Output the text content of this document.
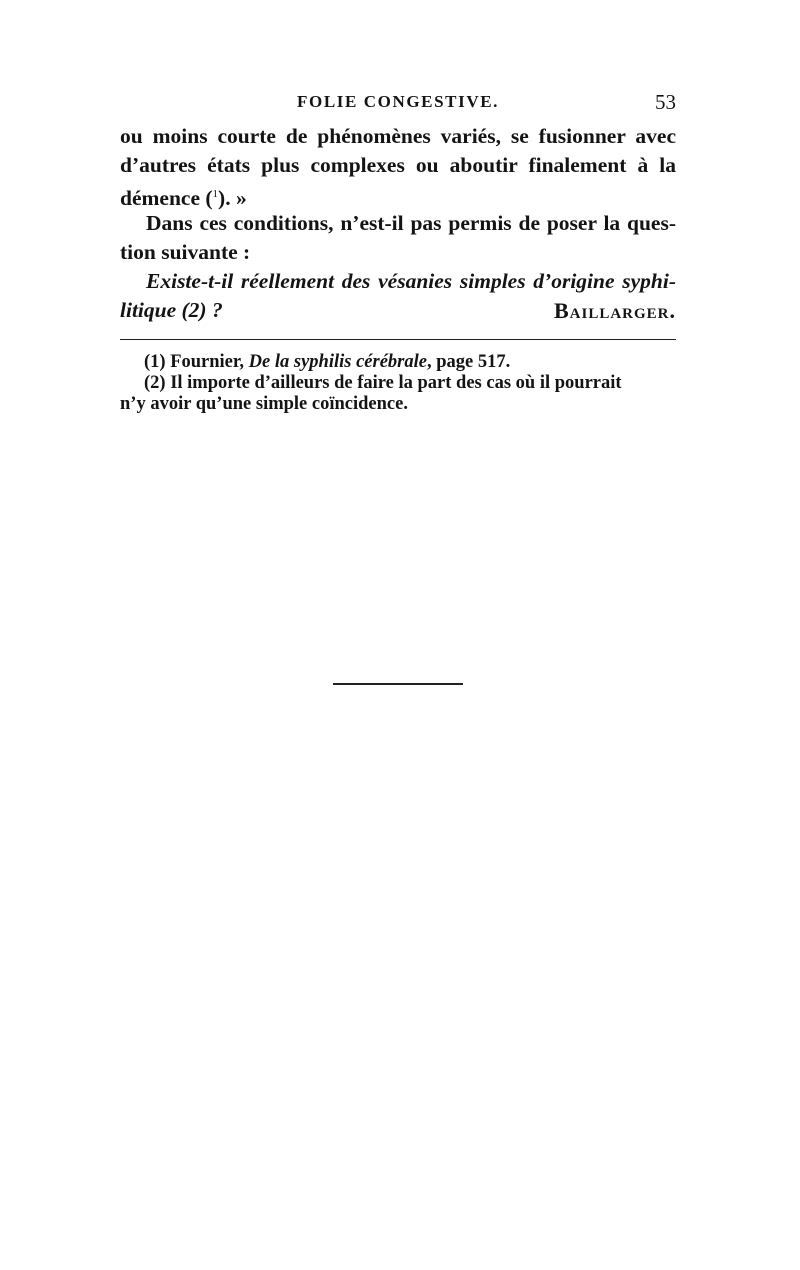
FOLIE CONGESTIVE.	53
ou moins courte de phénomènes variés, se fusionner avec
d’autres états plus complexes ou aboutir finalement à la
démence ($^1$). »
Dans ces conditions, n’est-il pas permis de poser la ques-
tion suivante :
Existe-t-il réellement des vésanies simples d’origine syphi-
litique (2) ?	Baillarger.
(1) Fournier, De la syphilis cérébrale, page 517.
(2) Il importe d’ailleurs de faire la part des cas où il pourrait
n’y avoir qu’une simple coïncidence.
